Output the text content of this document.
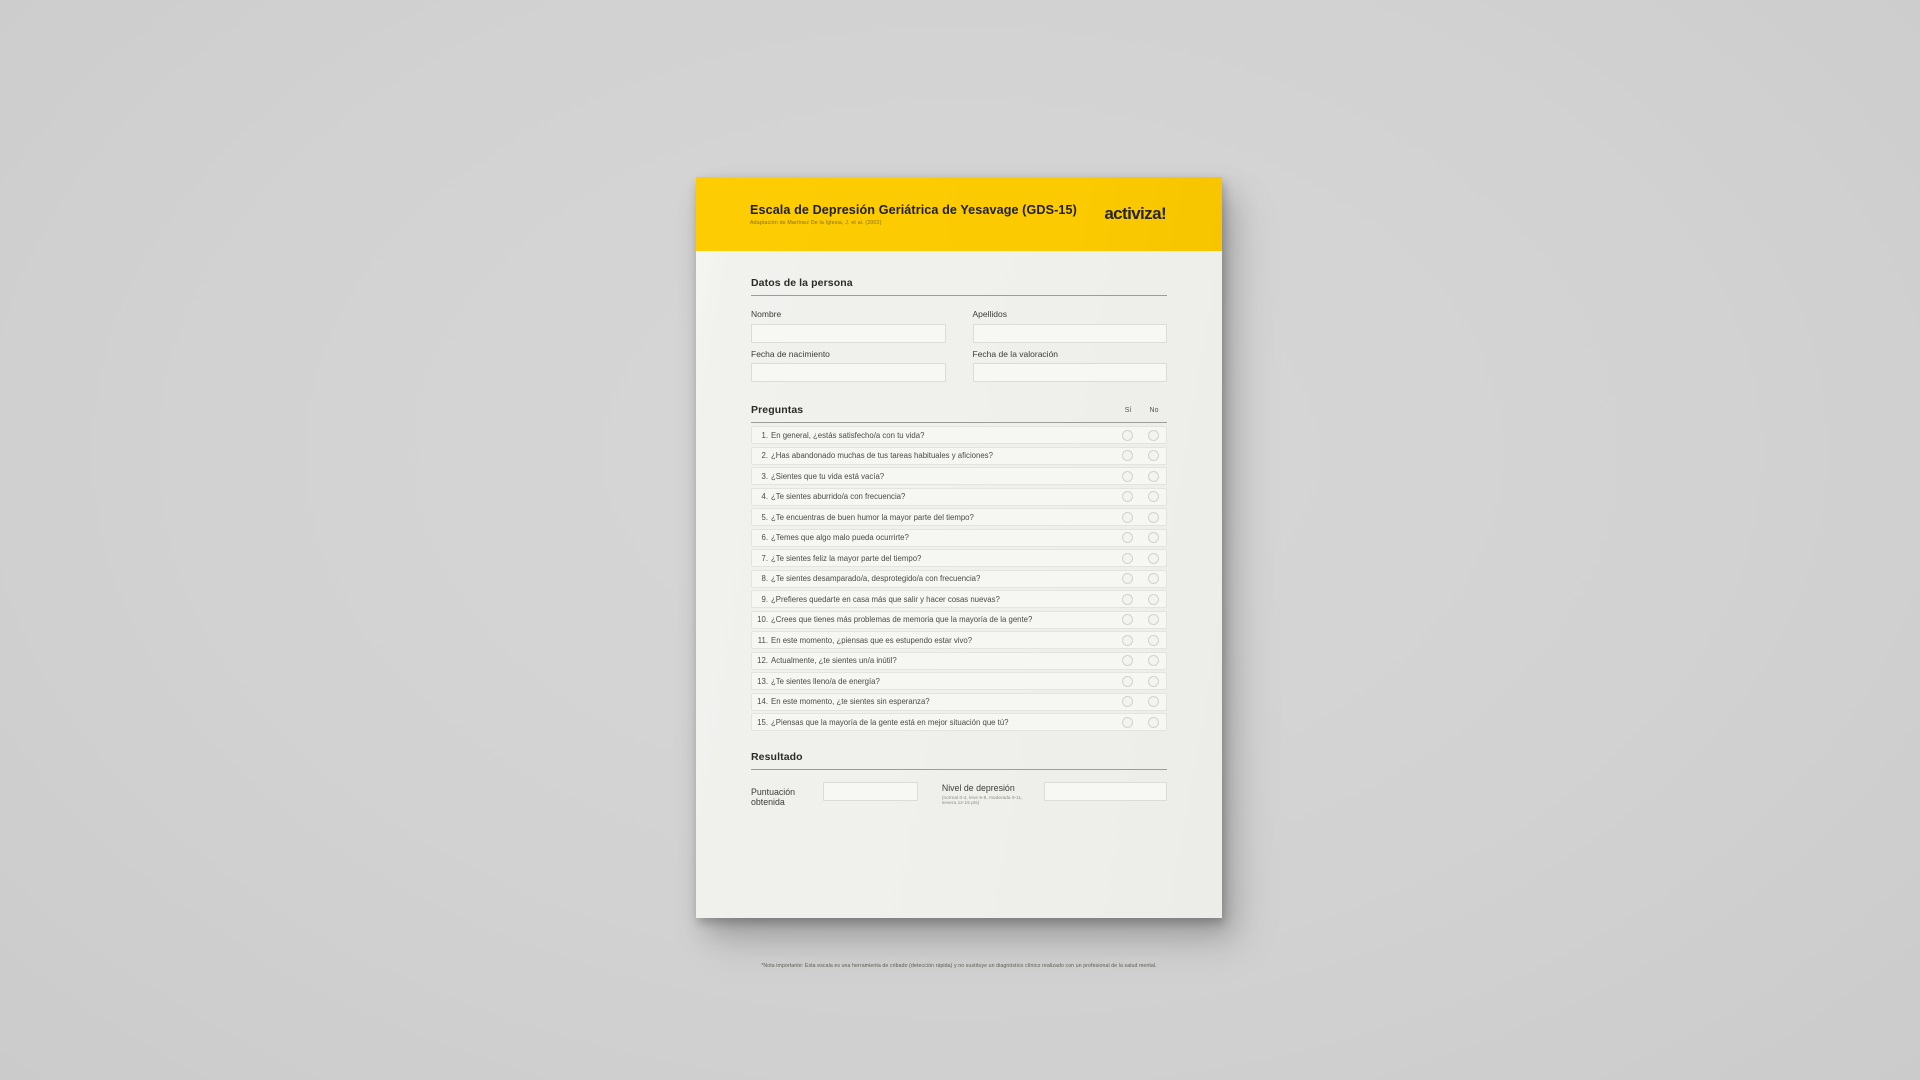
Escala de Depresión Geriátrica de Yesavage (GDS-15)
Adaptación de Martínez De la Iglesia, J. et al. (2002)	activiza!
Datos de la persona
Nombre	Apellidos
Fecha de nacimiento	Fecha de la valoración
Preguntas	Sí	No
1. En general, ¿estás satisfecho/a con tu vida?
2. ¿Has abandonado muchas de tus tareas habituales y aficiones?
3. ¿Sientes que tu vida está vacía?
4. ¿Te sientes aburrido/a con frecuencia?
5. ¿Te encuentras de buen humor la mayor parte del tiempo?
6. ¿Temes que algo malo pueda ocurrirte?
7. ¿Te sientes feliz la mayor parte del tiempo?
8. ¿Te sientes desamparado/a, desprotegido/a con frecuencia?
9. ¿Prefieres quedarte en casa más que salir y hacer cosas nuevas?
10. ¿Crees que tienes más problemas de memoria que la mayoría de la gente?
11. En este momento, ¿piensas que es estupendo estar vivo?
12. Actualmente, ¿te sientes un/a inútil?
13. ¿Te sientes lleno/a de energía?
14. En este momento, ¿te sientes sin esperanza?
15. ¿Piensas que la mayoría de la gente está en mejor situación que tú?
Resultado
Puntuación obtenida
Nivel de depresión
(normal 0-4, leve 5-8, moderada 9-11, severa 12-15 pts)
*Nota importante: Esta escala es una herramienta de cribado (detección rápida) y no sustituye un diagnóstico clínico realizado con un profesional de la salud mental.
